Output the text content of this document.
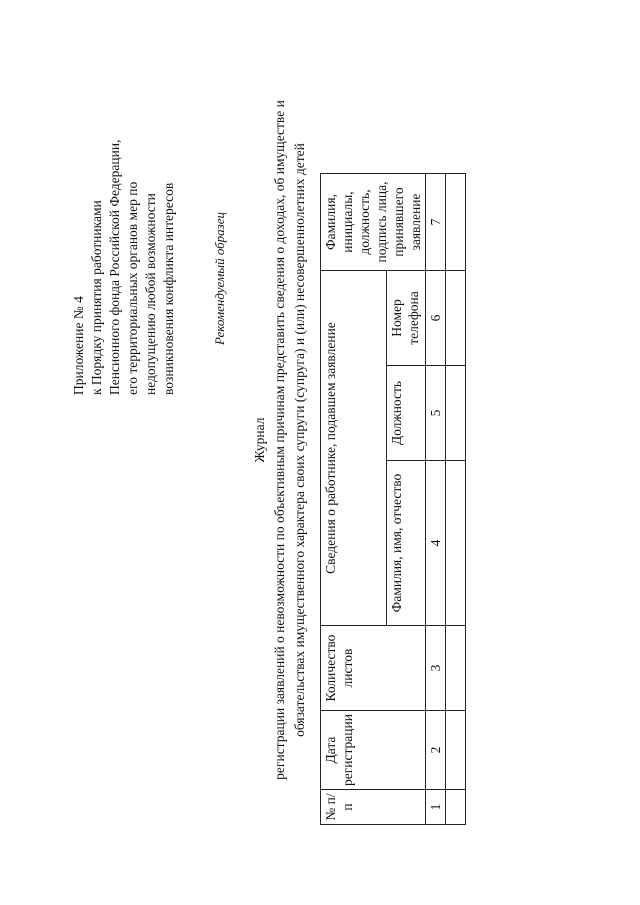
Приложение № 4 к Порядку принятия работниками Пенсионного фонда Российской Федерации, его территориальных органов мер по недопущению любой возможности возникновения конфликта интересов	Рекомендуемый образец
Журнал регистрации заявлений о невозможности по объективным причинам представить сведения о доходах, об имуществе и обязательствах имущественного характера своих супруги (супруга) и (или) несовершеннолетних детей
№ п/п	Дата регистрации	Количество листов	Сведения о работнике, подавшем заявление			Фамилия, инициалы, должность, подпись лица, принявшего заявление
			Фамилия, имя, отчество	Должность	Номер телефона	
1	2	3	4	5	6	7
